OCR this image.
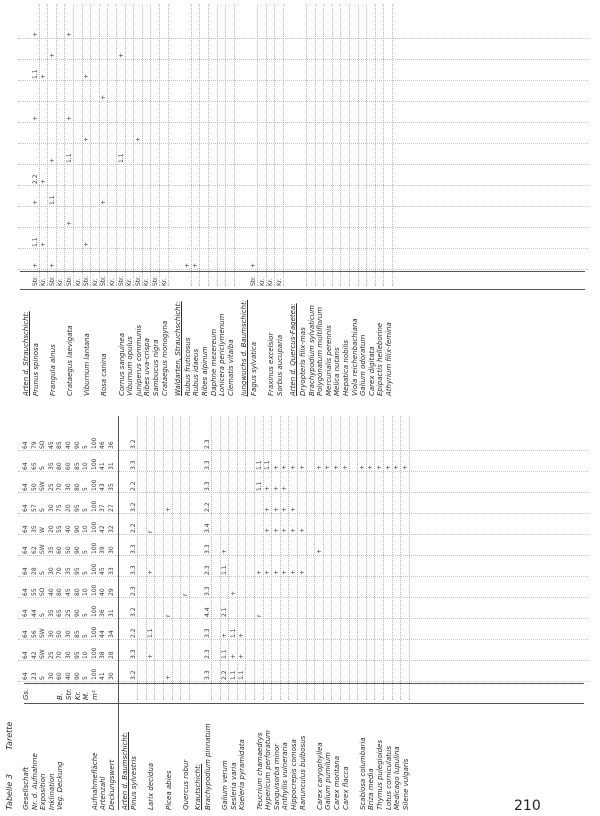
Tabelle 3
Tarette
Gesellschaft
Gs.
64
64
64
64
64
64
64
64
64
64
64
64
Nr. d. Aufnahme
23
42
56
44
55
28
62
35
57
50
65
79
Exposition
S
SW
SW
S
SO
S
SW
W
S
SW
S
SO
Inklination
30
25
30
35
40
30
35
20
30
25
35
45
Veg. Deckung
B.
60
70
50
65
80
70
60
55
75
70
80
85
Str.
40
30
30
25
45
35
50
40
20
30
60
40
Kr.
90
95
85
90
80
95
90
90
95
80
85
90
M.
5
10
5
5
10
5
5
10
5
5
10
5
Aufnahmefläche
m²
100
100
100
100
100
100
100
100
100
100
100
100
Artenzahl
41
38
44
36
40
45
39
42
37
43
41
46
Deckungswert
30
28
34
31
29
33
30
32
27
35
31
36
Arten d. Baumschicht: Pinus sylvestris
3.2
3.3
2.2
3.2
2.3
3.3
3.3
2.2
3.2
2.2
3.3
3.2
Larix decidua
+
1.1
+
r
Picea abies
+
r
+
Quercus robur
r
Krautschicht: Brachypodium pinnatum
3.3
2.3
3.3
4.4
3.3
2.3
3.3
3.4
2.2
3.3
3.3
2.3
Galium verum
2.2
1.1
+
2.1
1.1
+
Sesleria varia
1.1
+
1.1
+
Koeleria pyramidata
1.1
+
+
Teucrium chamaedrys
r
+
1.1
1.1
Hypericum perforatum
+
+
+
+
1.1
Sanguisorba minor
+
+
+
+
+
Anthyllis vulneraria
+
+
+
+
+
Hippocrepis comosa
+
+
+
+
Ranunculus bulbosus
+
+
+
Carex caryophyllea
+
+
Galium pumilum
+
Carex montana
+
Carex flacca
+
Scabiosa columbaria
+
Briza media
+
Thymus pulegioides
+
Lotus corniculatus
+
Medicago lupulina
+
Silene vulgaris
+
Arten d. Strauchschicht: Prunus spinosa
Str.
+
1.1
+
2.2
+
1.1
+
Kr.
+
+
+
Frangula alnus
Str.
+
1.1
+
+
Kr.
Crataegus laevigata
Str.
+
1.1
+
+
Kr.
Viburnum lantana
Str.
+
+
+
Kr.
Rosa canina
Str.
+
+
Kr.
Cornus sanguinea
Str.
1.1
+
Viburnum opulus
Kr.
Juniperus communis
Str.
+
Ribes uva-crispa
Kr.
Sambucus nigra
Str.
Crataegus monogyna
Kr.
Waldarten, Strauchschicht: Rubus fruticosus
+
Rubus idaeus
+
Ribes alpinum Daphne mezereum Lonicera periclymenum Clematis vitalba Jungwuchs d. Baumschicht: Fagus sylvatica
Str.
+
Kr.
Fraxinus excelsior
Kr.
Sorbus aucuparia
Kr.
Arten d. Quercus-Fagetea: Dryopteris filix-mas Brachypodium sylvaticum Polygonatum multiflorum Mercurialis perennis Melica nutans Hepatica nobilis Viola reichenbachiana Galium odoratum Carex digitata Epipactis helleborine Athyrium filix-femina
210
